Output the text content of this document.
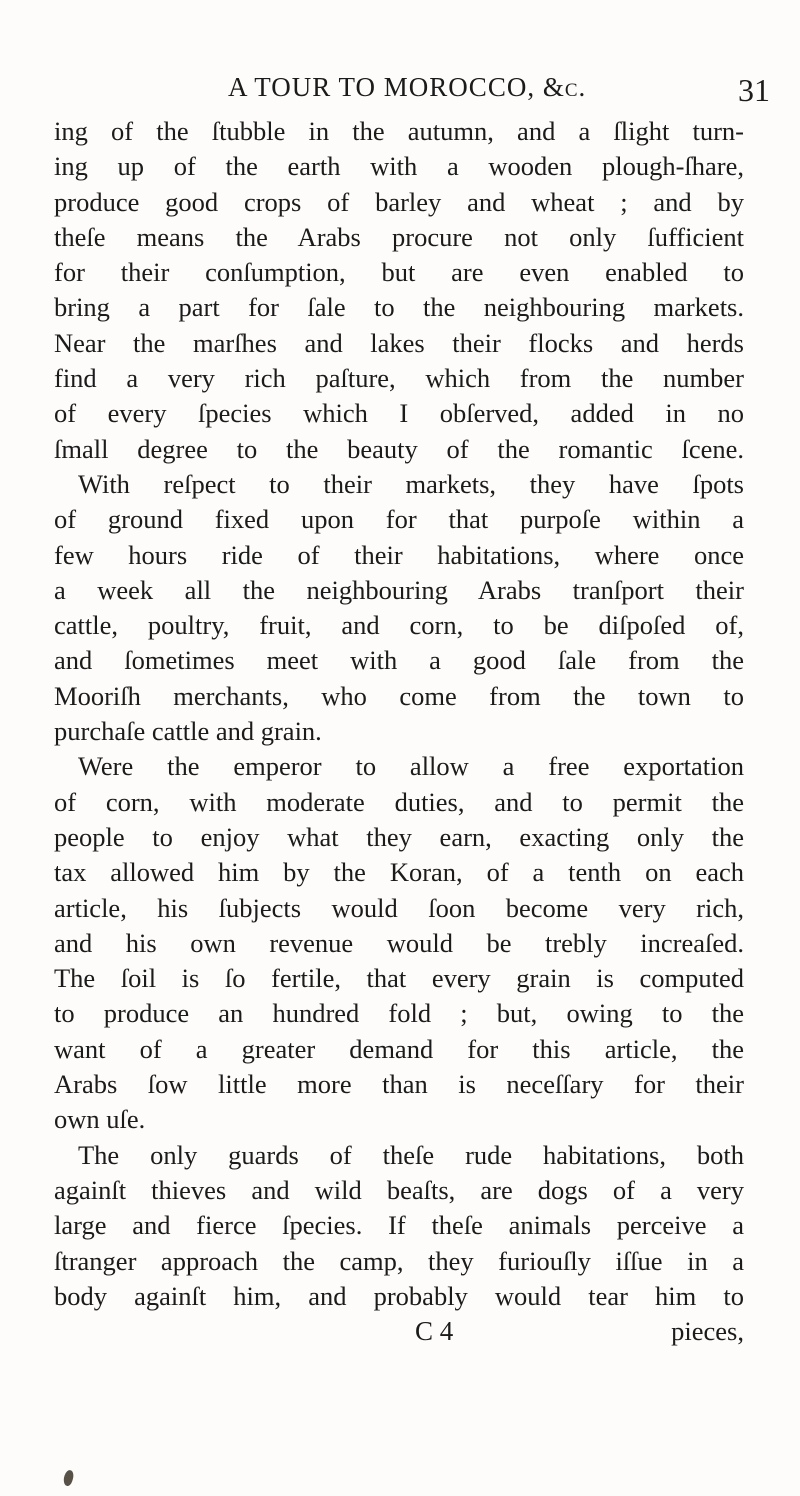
A TOUR TO MOROCCO, &c.	31
ing of the ſtubble in the autumn, and a ſlight turn-
ing up of the earth with a wooden plough-ſhare,
produce good crops of barley and wheat ; and by
theſe means the Arabs procure not only ſufficient
for their conſumption, but are even enabled to
bring a part for ſale to the neighbouring markets.
Near the marſhes and lakes their flocks and herds
find a very rich paſture, which from the number
of every ſpecies which I obſerved, added in no
ſmall degree to the beauty of the romantic ſcene.
With reſpect to their markets, they have ſpots
of ground fixed upon for that purpoſe within a
few hours ride of their habitations, where once
a week all the neighbouring Arabs tranſport their
cattle, poultry, fruit, and corn, to be diſpoſed of,
and ſometimes meet with a good ſale from the
Mooriſh merchants, who come from the town to
purchaſe cattle and grain.
Were the emperor to allow a free exportation
of corn, with moderate duties, and to permit the
people to enjoy what they earn, exacting only the
tax allowed him by the Koran, of a tenth on each
article, his ſubjects would ſoon become very rich,
and his own revenue would be trebly increaſed.
The ſoil is ſo fertile, that every grain is computed
to produce an hundred fold ; but, owing to the
want of a greater demand for this article, the
Arabs ſow little more than is neceſſary for their
own uſe.
The only guards of theſe rude habitations, both
againſt thieves and wild beaſts, are dogs of a very
large and fierce ſpecies. If theſe animals perceive a
ſtranger approach the camp, they furiouſly iſſue in a
body againſt him, and probably would tear him to
C 4	pieces,
